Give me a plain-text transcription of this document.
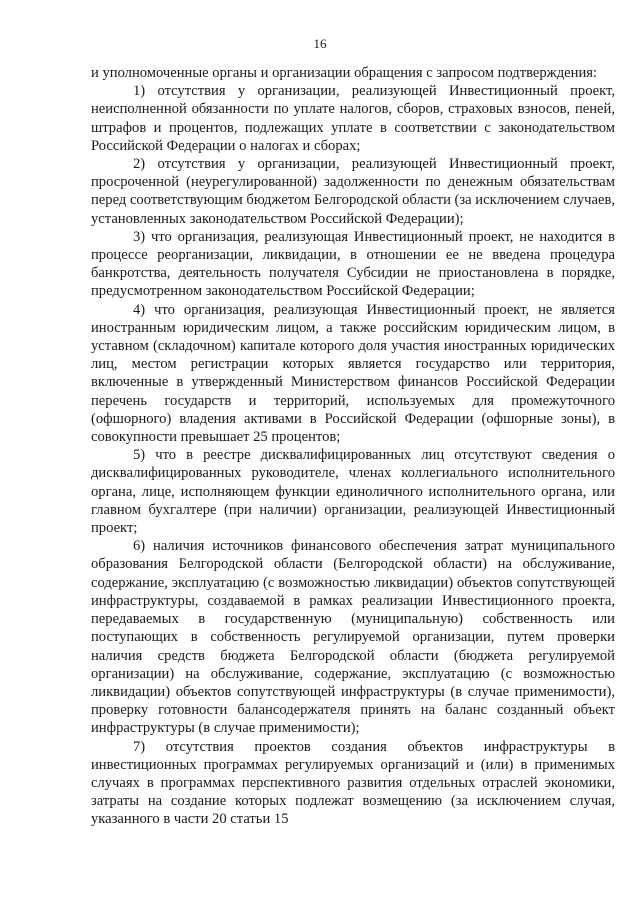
16

и уполномоченные органы и организации обращения с запросом подтверждения:

1) отсутствия у организации, реализующей Инвестиционный проект, неисполненной обязанности по уплате налогов, сборов, страховых взносов, пеней, штрафов и процентов, подлежащих уплате в соответствии с законодательством Российской Федерации о налогах и сборах;

2) отсутствия у организации, реализующей Инвестиционный проект, просроченной (неурегулированной) задолженности по денежным обязательствам перед соответствующим бюджетом Белгородской области (за исключением случаев, установленных законодательством Российской Федерации);

3) что организация, реализующая Инвестиционный проект, не находится в процессе реорганизации, ликвидации, в отношении ее не введена процедура банкротства, деятельность получателя Субсидии не приостановлена в порядке, предусмотренном законодательством Российской Федерации;

4) что организация, реализующая Инвестиционный проект, не является иностранным юридическим лицом, а также российским юридическим лицом, в уставном (складочном) капитале которого доля участия иностранных юридических лиц, местом регистрации которых является государство или территория, включенные в утвержденный Министерством финансов Российской Федерации перечень государств и территорий, используемых для промежуточного (офшорного) владения активами в Российской Федерации (офшорные зоны), в совокупности превышает 25 процентов;

5) что в реестре дисквалифицированных лиц отсутствуют сведения о дисквалифицированных руководителе, членах коллегиального исполнительного органа, лице, исполняющем функции единоличного исполнительного органа, или главном бухгалтере (при наличии) организации, реализующей Инвестиционный проект;

6) наличия источников финансового обеспечения затрат муниципального образования Белгородской области (Белгородской области) на обслуживание, содержание, эксплуатацию (с возможностью ликвидации) объектов сопутствующей инфраструктуры, создаваемой в рамках реализации Инвестиционного проекта, передаваемых в государственную (муниципальную) собственность или поступающих в собственность регулируемой организации, путем проверки наличия средств бюджета Белгородской области (бюджета регулируемой организации) на обслуживание, содержание, эксплуатацию (с возможностью ликвидации) объектов сопутствующей инфраструктуры (в случае применимости), проверку готовности балансодержателя принять на баланс созданный объект инфраструктуры (в случае применимости);

7) отсутствия проектов создания объектов инфраструктуры в инвестиционных программах регулируемых организаций и (или) в применимых случаях в программах перспективного развития отдельных отраслей экономики, затраты на создание которых подлежат возмещению (за исключением случая, указанного в части 20 статьи 15
